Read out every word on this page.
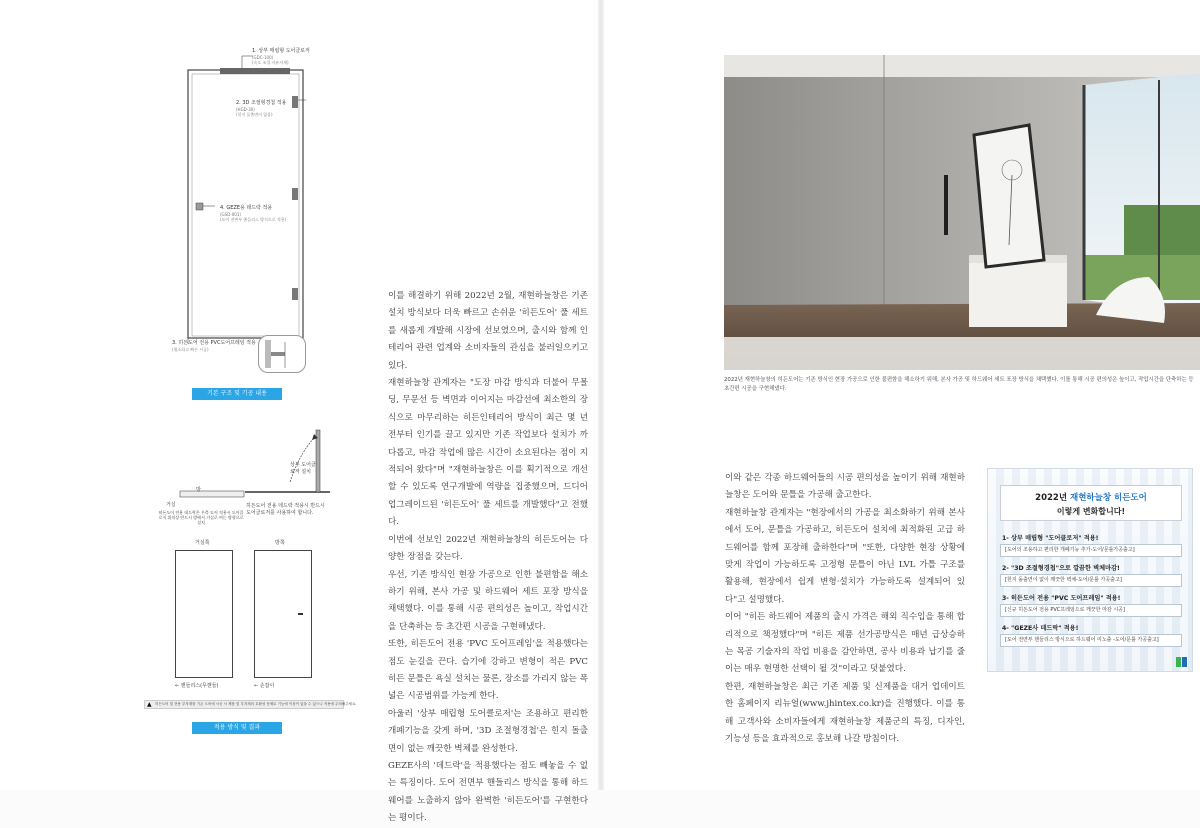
1. 상부 매립형 도어클로저
(GDC-100)
(속도 조절 자유자재)
2. 3D 조절형경첩 적용
(HGD-30)
(힌지 돌출면이 없음)
4. GEZE용 데드락 적용
(GSD-001)
(도어 전면부 핸들리스 방식으로 적용)
3. 히든도어 전용 PVC도어프레임 적용
(협소하고 빠른 시공)
기본 구조 및 기공 내용
방
거실
상부 도어클로저 설치
히든도어 전용 데드락 적용시 반드시 도어클로저를 사용하여 합니다.
히든도어 전용 데드락은 우측 도어 적용시 도어클로저 위치상 반드시 방에서 거실로 여는 방향으로 설치
거실쪽	방쪽
← 핸들리스(무핸들)	← 손잡이
▲ 히든도어 및 전용 부자재를 기존 도어에 시공 시 제품 및 부자재의 호환성 문제로 기능에 이상이 있을 수 있으니 적용에 주의해주세요.
적용 방식 및 결과

이를 해결하기 위해 2022년 2월, 재현하늘창은 기존 설치 방식보다 더욱 빠르고 손쉬운 '히든도어' 풀 세트를 새롭게 개발해 시장에 선보였으며, 출시와 함께 인테리어 관련 업계와 소비자들의 관심을 불러일으키고 있다.

재현하늘창 관계자는 "도장 마감 방식과 더불어 무몰딩, 무문선 등 벽면과 이어지는 마감선에 최소한의 장식으로 마무리하는 히든인테리어 방식이 최근 몇 년 전부터 인기를 끌고 있지만 기존 작업보다 설치가 까다롭고, 마감 작업에 많은 시간이 소요된다는 점이 지적되어 왔다"며 "재현하늘창은 이를 획기적으로 개선할 수 있도록 연구개발에 역량을 집중했으며, 드디어 업그레이드된 '히든도어' 풀 세트를 개발했다"고 전했다.

이번에 선보인 2022년 재현하늘창의 히든도어는 다양한 장점을 갖는다.

우선, 기존 방식인 현장 가공으로 인한 불편함을 해소하기 위해, 본사 가공 및 하드웨어 세트 포장 방식을 채택했다. 이를 통해 시공 편의성은 높이고, 작업시간을 단축하는 등 초간편 시공을 구현해냈다.

또한, 히든도어 전용 'PVC 도어프레임'을 적용했다는 점도 눈길을 끈다. 습기에 강하고 변형이 적은 PVC 히든 문틀은 욕실 설치는 물론, 장소를 가리지 않는 폭넓은 시공범위를 가능케 한다.

아울러 '상부 매립형 도어클로저'는 조용하고 편리한 개폐기능을 갖게 하며, '3D 조절형경첩'은 힌지 돌출면이 없는 깨끗한 벽체를 완성한다.

GEZE사의 '데드락'을 적용했다는 점도 빼놓을 수 없는 특징이다. 도어 전면부 핸들리스 방식을 통해 하드웨어를 노출하지 않아 완벽한 '히든도어'를 구현한다는 평이다.

2022년 재현하늘창의 히든도어는 기존 방식인 현장 가공으로 인한 불편함을 해소하기 위해, 본사 가공 및 하드웨어 세트 포장 방식을 채택했다. 이를 통해 시공 편의성은 높이고, 작업시간을 단축하는 등 초간편 시공을 구현해냈다.

이와 같은 각종 하드웨어들의 시공 편의성을 높이기 위해 재현하늘창은 도어와 문틀을 가공해 출고한다.

재현하늘창 관계자는 "현장에서의 가공을 최소화하기 위해 본사에서 도어, 문틀을 가공하고, 히든도어 설치에 최적화된 고급 하드웨어를 함께 포장해 출하한다"며 "또한, 다양한 현장 상황에 맞게 작업이 가능하도록 고정형 문틀이 아닌 LVL 가틀 구조를 활용해, 현장에서 쉽게 변형·설치가 가능하도록 설계되어 있다"고 설명했다.

이어 "히든 하드웨어 제품의 출시 가격은 해외 직수입을 통해 합리적으로 책정했다"며 "히든 제품 선가공방식은 매년 급상승하는 목공 기술자의 작업 비용을 감안하면, 공사 비용과 납기를 줄이는 매우 현명한 선택이 될 것"이라고 덧붙였다.

한편, 재현하늘창은 최근 기존 제품 및 신제품을 대거 업데이트한 홈페이지 리뉴얼(www.jhintex.co.kr)을 진행했다. 이를 통해 고객사와 소비자들에게 재현하늘창 제품군의 특징, 디자인, 기능성 등을 효과적으로 홍보해 나갈 방침이다.

2022년 재현하늘창 히든도어
이렇게 변화합니다!
1- 상부 매립형 "도어클로저" 적용!
[도어의 조용하고 편리한 개폐기능 추가-도어/문틀가공출고]
2- "3D 조절형경첩"으로 깔끔한 벽체마감!
[힌지 돌출면이 없이 깨끗한 벽체-도어/문틀 가공출고]
3- 히든도어 전용 "PVC 도어프레임" 적용!
[신규 히든도어 전용 PVC프레임으로 깨끗한 마감 시공]
4- "GEZE사 데드락" 적용!
[도어 전면부 핸들리스 방식으로 하드웨어 미노출 -도어/문틀 가공출고]
